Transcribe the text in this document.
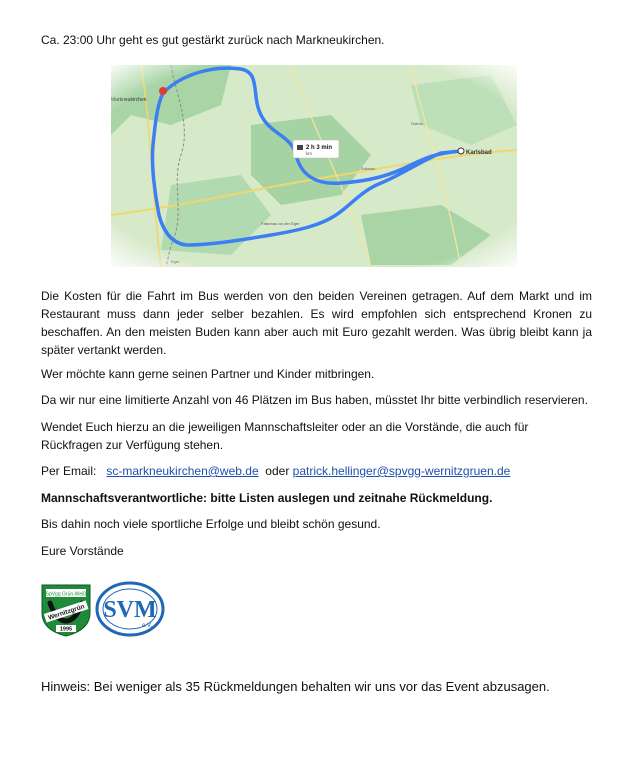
Ca. 23:00 Uhr geht es gut gestärkt zurück nach Markneukirchen.

Die Kosten für die Fahrt im Bus werden von den beiden Vereinen getragen. Auf dem Markt und im Restaurant muss dann jeder selber bezahlen. Es wird empfohlen sich entsprechend Kronen zu beschaffen. An den meisten Buden kann aber auch mit Euro gezahlt werden. Was übrig bleibt kann ja später vertankt werden.

Wer möchte kann gerne seinen Partner und Kinder mitbringen.

Da wir nur eine limitierte Anzahl von 46 Plätzen im Bus haben, müsstet Ihr bitte verbindlich reservieren.

Wendet Euch hierzu an die jeweiligen Mannschaftsleiter oder an die Vorstände, die auch für Rückfragen zur Verfügung stehen.

Per Email: sc-markneukirchen@web.de oder patrick.hellinger@spvgg-wernitzgruen.de

Mannschaftsverantwortliche: bitte Listen auslegen und zeitnahe Rückmeldung.

Bis dahin noch viele sportliche Erfolge und bleibt schön gesund.

Eure Vorstände

SpVgg Grün-Weiß
Wernitzgrün
1995
SVM
e.V.

Hinweis: Bei weniger als 35 Rückmeldungen behalten wir uns vor das Event abzusagen.
